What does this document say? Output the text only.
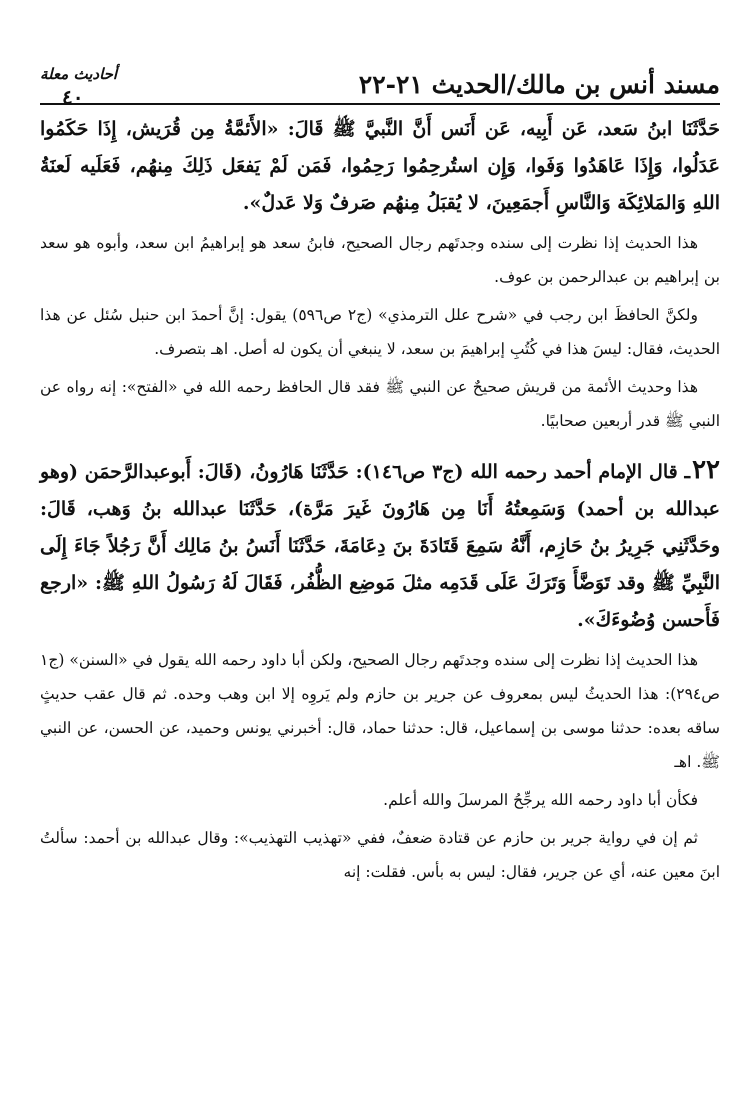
مسند أنس بن مالك/الحديث ٢١-٢٢
أحاديث معلة
٤٠

حَدَّثَنَا ابنُ سَعد، عَن أَبِيه، عَن أَنَس أَنَّ النَّبيَّ ﷺ قَالَ: «الأَئمَّةُ مِن قُرَيش، إِذَا حَكَمُوا عَدَلُوا، وَإِذَا عَاهَدُوا وَفَوا، وَإِن استُرحِمُوا رَحِمُوا، فَمَن لَمْ يَفعَل ذَلِكَ مِنهُم، فَعَلَيه لَعنَةُ اللهِ وَالمَلائِكَة وَالنَّاسِ أَجمَعِينَ، لا يُقبَلُ مِنهُم صَرفٌ وَلا عَدلٌ».

هذا الحديث إذا نظرت إلى سنده وجدتَهم رجال الصحيح، فابنُ سعد هو إبراهيمُ ابن سعد، وأبوه هو سعد بن إبراهيم بن عبدالرحمن بن عوف.

ولكنَّ الحافظَ ابن رجب في «شرح علل الترمذي» (ج٢ ص٥٩٦) يقول: إنَّ أحمدَ ابن حنبل سُئل عن هذا الحديث، فقال: ليسَ هذا في كُتُبِ إبراهيمَ بن سعد، لا ينبغي أن يكون له أصل. اهـ بتصرف.

هذا وحديث الأئمة من قريش صحيحٌ عن النبي ﷺ فقد قال الحافظ رحمه الله في «الفتح»: إنه رواه عن النبي ﷺ قدر أربعين صحابيًا.

٢٢ـ قال الإمام أحمد رحمه الله (ج٣ ص١٤٦): حَدَّثَنَا هَارُونُ، (قَالَ: أَبوعبدالرَّحمَن (وهو عبدالله بن أحمد) وَسَمِعتُهُ أَنَا مِن هَارُونَ غَيرَ مَرَّة)، حَدَّثَنَا عبدالله بنُ وَهب، قَالَ: وحَدَّثَنِي جَرِيرُ بنُ حَازِم، أَنَّهُ سَمِعَ قَتَادَةَ بنَ دِعَامَةَ، حَدَّثَنَا أَنَسُ بنُ مَالِك أَنَّ رَجُلاً جَاءَ إِلَى النَّبِيِّ ﷺ وقد تَوَضَّأَ وَتَرَكَ عَلَى قَدَمِه مثلَ مَوضِع الظُّفُر، فَقَالَ لَهُ رَسُولُ اللهِ ﷺ: «ارجع فَأَحسن وُضُوءَكَ».

هذا الحديث إذا نظرت إلى سنده وجدتَهم رجال الصحيح، ولكن أبا داود رحمه الله يقول في «السنن» (ج١ ص٢٩٤): هذا الحديثُ ليس بمعروف عن جرير بن حازم ولم يَروِه إلا ابن وهب وحده. ثم قال عقب حديثٍ ساقه بعده: حدثنا موسى بن إسماعيل، قال: حدثنا حماد، قال: أخبرني يونس وحميد، عن الحسن، عن النبي ﷺ. اهـ

فكأن أبا داود رحمه الله يرجِّحُ المرسلَ والله أعلم.

ثم إن في رواية جرير بن حازم عن قتادة ضعفٌ، ففي «تهذيب التهذيب»: وقال عبدالله بن أحمد: سألتُ ابنَ معين عنه، أي عن جرير، فقال: ليس به بأس. فقلت: إنه
